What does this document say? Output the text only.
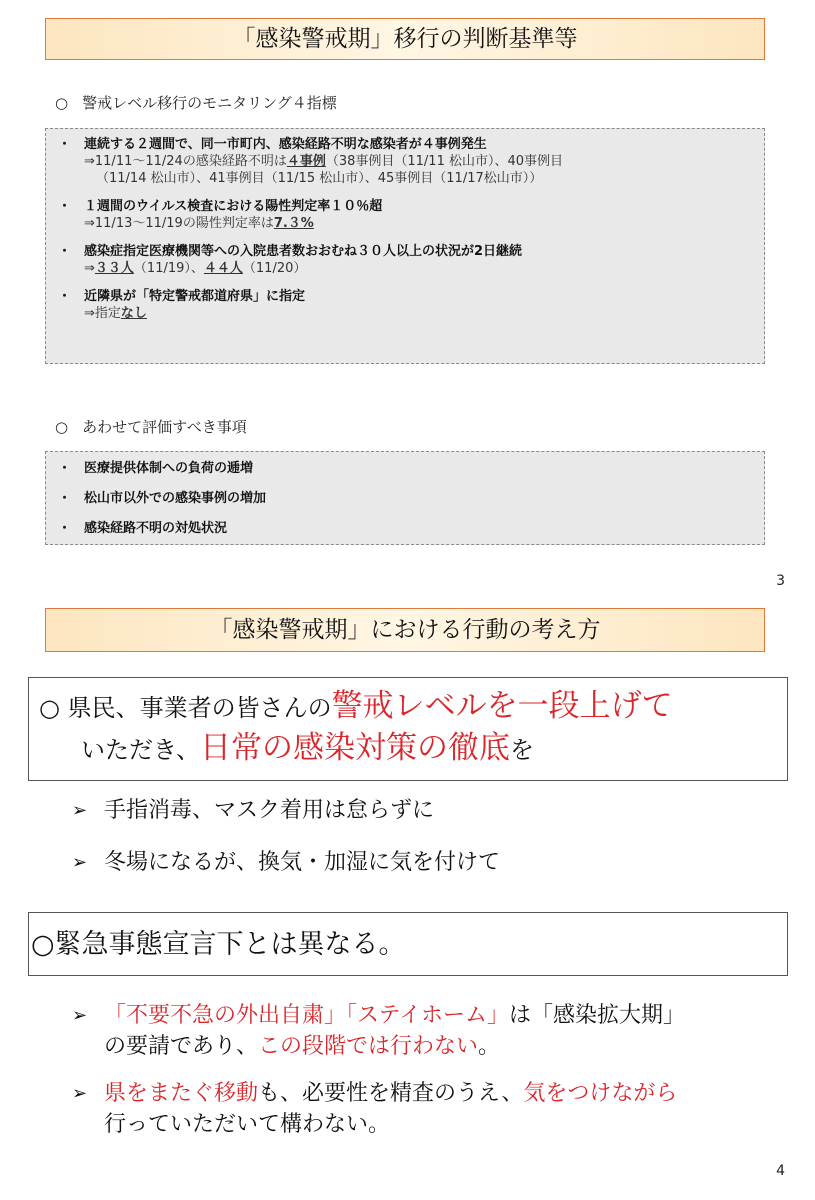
「感染警戒期」移行の判断基準等
○ 警戒レベル移行のモニタリング４指標
・ 連続する２週間で、同一市町内、感染経路不明な感染者が４事例発生
⇒11/11～11/24の感染経路不明は４事例（38事例目（11/11 松山市）、40事例目
（11/14 松山市）、41事例目（11/15 松山市）、45事例目（11/17松山市））
・ １週間のウイルス検査における陽性判定率１０％超
⇒11/13～11/19の陽性判定率は7.３%
・ 感染症指定医療機関等への入院患者数おおむね３０人以上の状況が2日継続
⇒３３人（11/19）、４４人（11/20）
・ 近隣県が「特定警戒都道府県」に指定
⇒指定なし
○ あわせて評価すべき事項
・ 医療提供体制への負荷の逓増
・ 松山市以外での感染事例の増加
・ 感染経路不明の対処状況
3
「感染警戒期」における行動の考え方
○ 県民、事業者の皆さんの警戒レベルを一段上げて
いただき、日常の感染対策の徹底を
➢ 手指消毒、マスク着用は怠らずに
➢ 冬場になるが、換気・加湿に気を付けて
○緊急事態宣言下とは異なる。
➢ 「不要不急の外出自粛」「ステイホーム」は「感染拡大期」
の要請であり、この段階では行わない。
➢ 県をまたぐ移動も、必要性を精査のうえ、気をつけながら
行っていただいて構わない。
4
